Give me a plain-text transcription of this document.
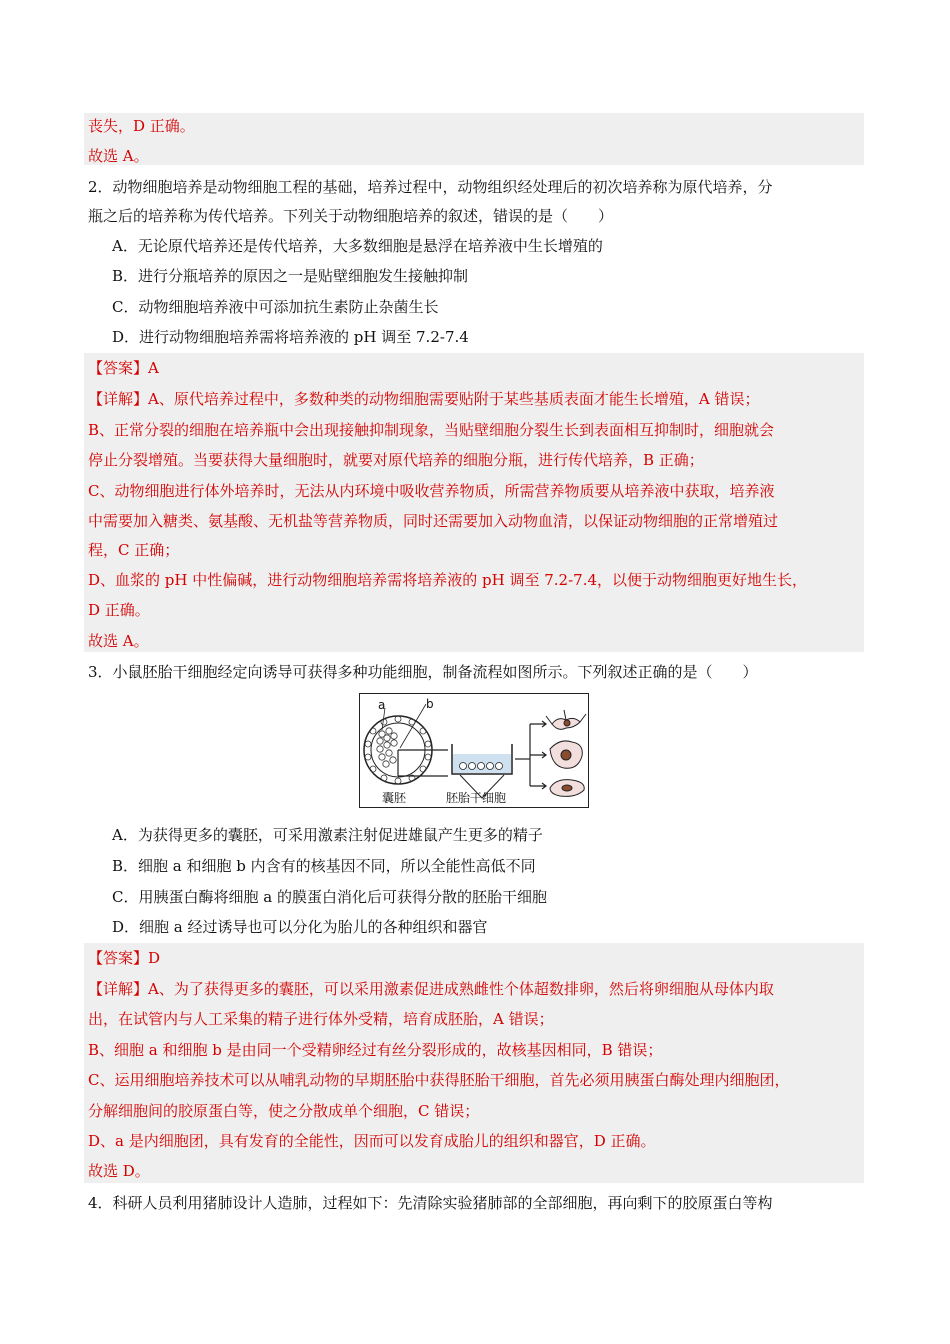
丧失，D 正确。
故选 A。
2．动物细胞培养是动物细胞工程的基础，培养过程中，动物组织经处理后的初次培养称为原代培养，分
瓶之后的培养称为传代培养。下列关于动物细胞培养的叙述，错误的是（　　）
A．无论原代培养还是传代培养，大多数细胞是悬浮在培养液中生长增殖的
B．进行分瓶培养的原因之一是贴壁细胞发生接触抑制
C．动物细胞培养液中可添加抗生素防止杂菌生长
D．进行动物细胞培养需将培养液的 pH 调至 7.2-7.4
【答案】A
【详解】A、原代培养过程中，多数种类的动物细胞需要贴附于某些基质表面才能生长增殖，A 错误；
B、正常分裂的细胞在培养瓶中会出现接触抑制现象，当贴壁细胞分裂生长到表面相互抑制时，细胞就会
停止分裂增殖。当要获得大量细胞时，就要对原代培养的细胞分瓶，进行传代培养，B 正确；
C、动物细胞进行体外培养时，无法从内环境中吸收营养物质，所需营养物质要从培养液中获取，培养液
中需要加入糖类、氨基酸、无机盐等营养物质，同时还需要加入动物血清，以保证动物细胞的正常增殖过
程，C 正确；
D、血浆的 pH 中性偏碱，进行动物细胞培养需将培养液的 pH 调至 7.2-7.4，以便于动物细胞更好地生长，
D 正确。
故选 A。
3．小鼠胚胎干细胞经定向诱导可获得多种功能细胞，制备流程如图所示。下列叙述正确的是（　　）
a	b
囊胚	胚胎干细胞
A．为获得更多的囊胚，可采用激素注射促进雄鼠产生更多的精子
B．细胞 a 和细胞 b 内含有的核基因不同，所以全能性高低不同
C．用胰蛋白酶将细胞 a 的膜蛋白消化后可获得分散的胚胎干细胞
D．细胞 a 经过诱导也可以分化为胎儿的各种组织和器官
【答案】D
【详解】A、为了获得更多的囊胚，可以采用激素促进成熟雌性个体超数排卵，然后将卵细胞从母体内取
出，在试管内与人工采集的精子进行体外受精，培育成胚胎，A 错误；
B、细胞 a 和细胞 b 是由同一个受精卵经过有丝分裂形成的，故核基因相同，B 错误；
C、运用细胞培养技术可以从哺乳动物的早期胚胎中获得胚胎干细胞，首先必须用胰蛋白酶处理内细胞团，
分解细胞间的胶原蛋白等，使之分散成单个细胞，C 错误；
D、a 是内细胞团，具有发育的全能性，因而可以发育成胎儿的组织和器官，D 正确。
故选 D。
4．科研人员利用猪肺设计人造肺，过程如下：先清除实验猪肺部的全部细胞，再向剩下的胶原蛋白等构
